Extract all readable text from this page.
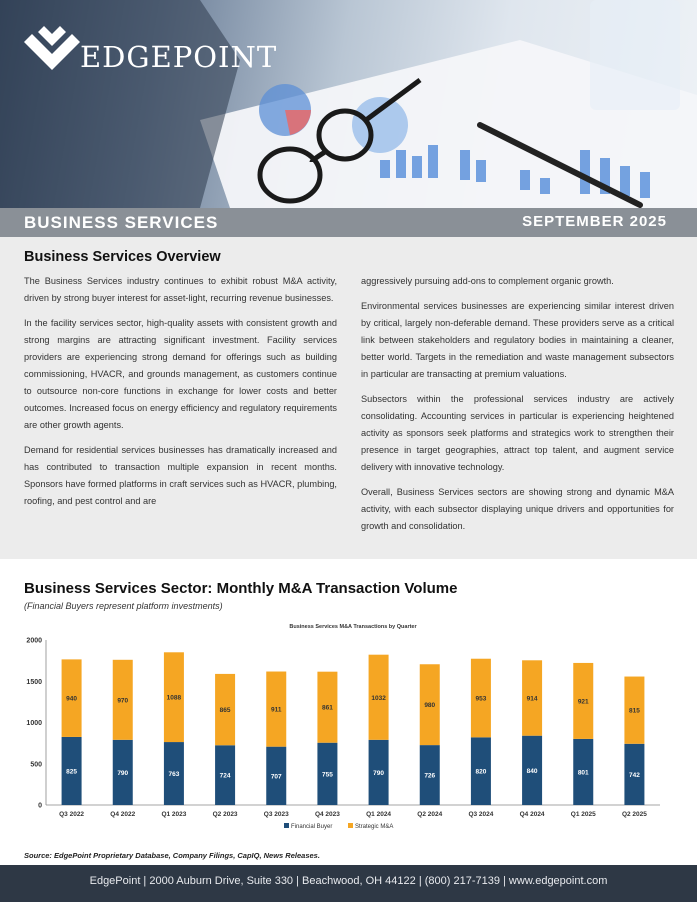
EDGEPOINT
BUSINESS SERVICES	SEPTEMBER 2025
Business Services Overview

The Business Services industry continues to exhibit robust M&A activity, driven by strong buyer interest for asset-light, recurring revenue businesses.

In the facility services sector, high-quality assets with consistent growth and strong margins are attracting significant investment. Facility services providers are experiencing strong demand for offerings such as building commissioning, HVACR, and grounds management, as customers continue to outsource non-core functions in exchange for lower costs and better outcomes. Increased focus on energy efficiency and regulatory requirements are other growth agents.

Demand for residential services businesses has dramatically increased and has contributed to transaction multiple expansion in recent months. Sponsors have formed platforms in craft services such as HVACR, plumbing, roofing, and pest control and are

aggressively pursuing add-ons to complement organic growth.

Environmental services businesses are experiencing similar interest driven by critical, largely non-deferable demand. These providers serve as a critical link between stakeholders and regulatory bodies in maintaining a cleaner, better world. Targets in the remediation and waste management subsectors in particular are transacting at premium valuations.

Subsectors within the professional services industry are actively consolidating. Accounting services in particular is experiencing heightened activity as sponsors seek platforms and strategics work to strengthen their presence in target geographies, attract top talent, and augment service delivery with innovative technology.

Overall, Business Services sectors are showing strong and dynamic M&A activity, with each subsector displaying unique drivers and opportunities for growth and consolidation.

Business Services Sector: Monthly M&A Transaction Volume
(Financial Buyers represent platform investments)
Business Services M&A Transactions by Quarter
0
500
1000
1500
2000
825
940
Q3 2022
790
970
Q4 2022
763
1088
Q1 2023
724
865
Q2 2023
707
911
Q3 2023
755
861
Q4 2023
790
1032
Q1 2024
726
980
Q2 2024
820
953
Q3 2024
840
914
Q4 2024
801
921
Q1 2025
742
815
Q2 2025
Financial Buyer	Strategic M&A
Source: EdgePoint Proprietary Database, Company Filings, CapIQ, News Releases.
EdgePoint | 2000 Auburn Drive, Suite 330 | Beachwood, OH 44122 | (800) 217-7139 | www.edgepoint.com
